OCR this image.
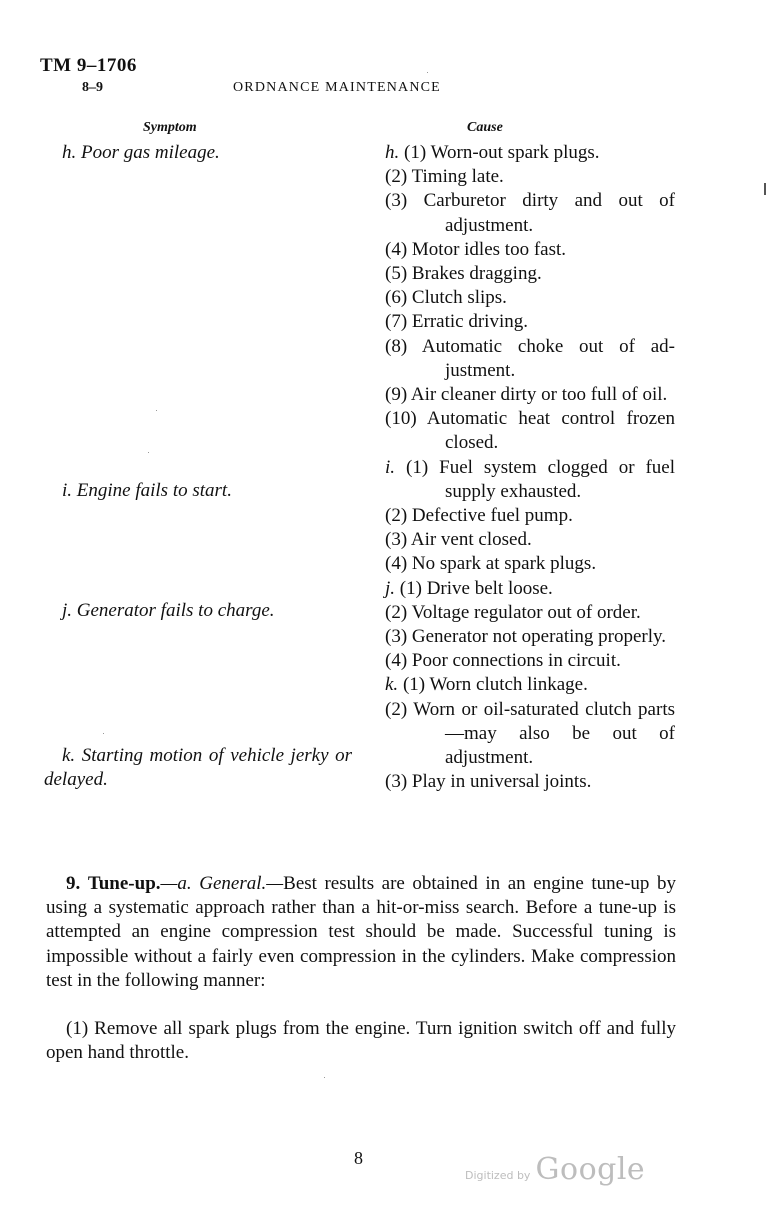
TM 9–1706
8–9	ORDNANCE MAINTENANCE
Symptom	Cause
h. Poor gas mileage.
i. Engine fails to start.
j. Generator fails to charge.
k. Starting motion of vehicle jerky or delayed.
h. (1) Worn-out spark plugs.
(2) Timing late.
(3) Carburetor dirty and out of adjustment.
(4) Motor idles too fast.
(5) Brakes dragging.
(6) Clutch slips.
(7) Erratic driving.
(8) Automatic choke out of ad-justment.
(9) Air cleaner dirty or too full of oil.
(10) Automatic heat control frozen closed.
i. (1) Fuel system clogged or fuel supply exhausted.
(2) Defective fuel pump.
(3) Air vent closed.
(4) No spark at spark plugs.
j. (1) Drive belt loose.
(2) Voltage regulator out of order.
(3) Generator not operating properly.
(4) Poor connections in circuit.
k. (1) Worn clutch linkage.
(2) Worn or oil-saturated clutch parts—may also be out of adjustment.
(3) Play in universal joints.
9. Tune-up.—a. General.—Best results are obtained in an engine tune-up by using a systematic approach rather than a hit-or-miss search. Before a tune-up is attempted an engine compression test should be made. Successful tuning is impossible without a fairly even compression in the cylinders. Make compression test in the following manner:
(1) Remove all spark plugs from the engine. Turn ignition switch off and fully open hand throttle.
8
Digitized by Google
